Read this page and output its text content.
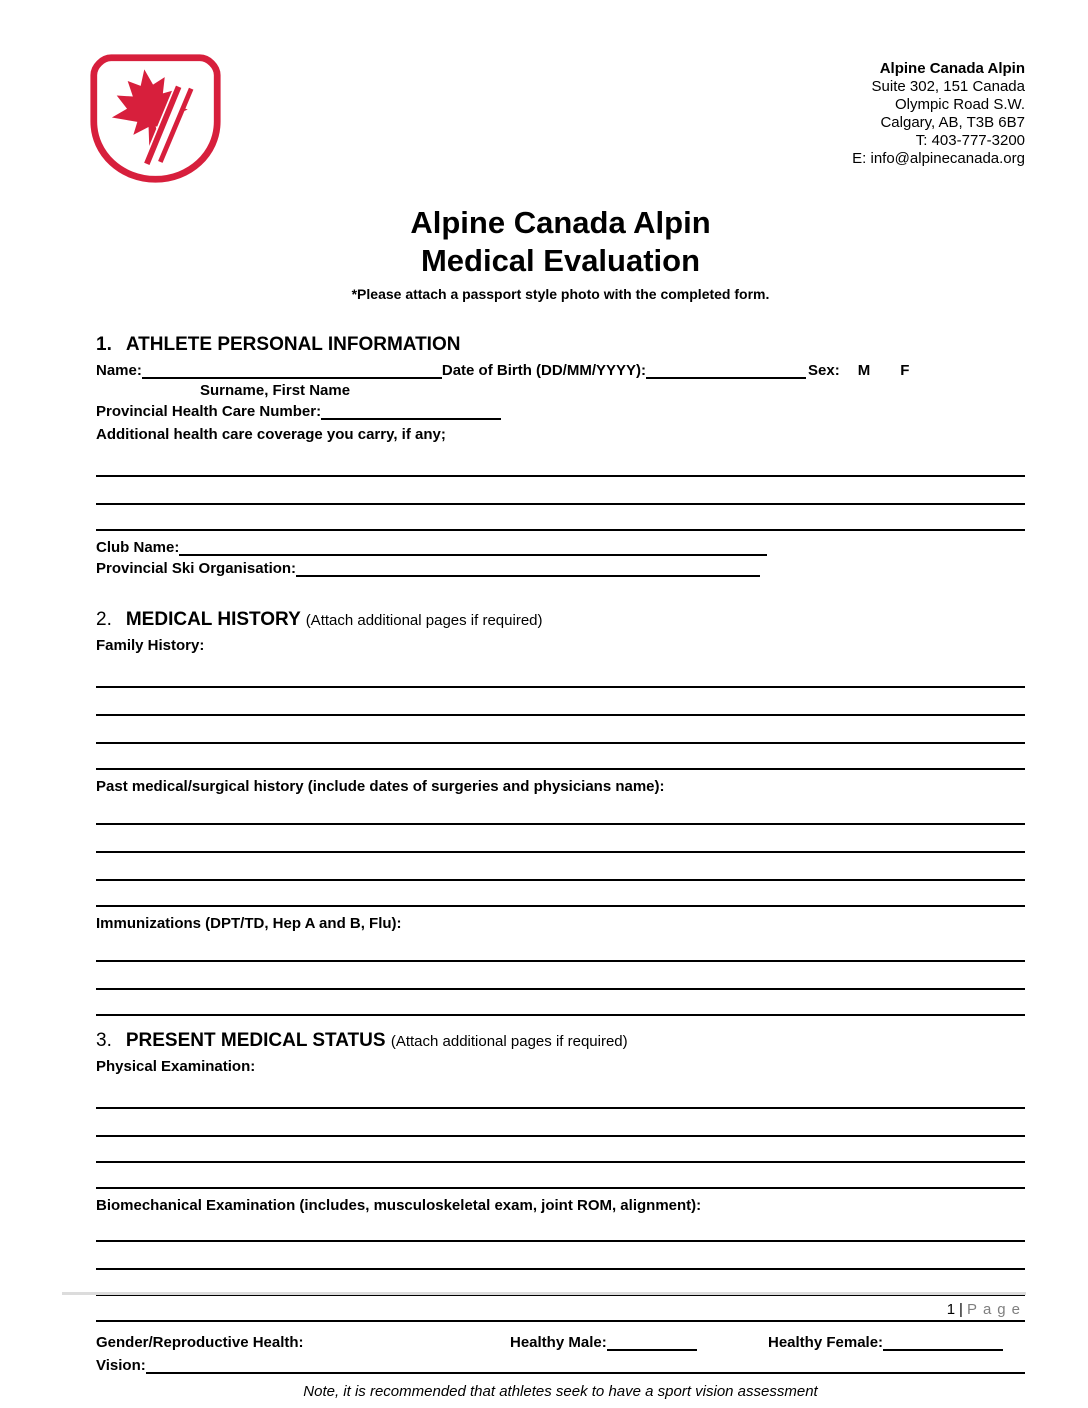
Alpine Canada Alpin
Suite 302, 151 Canada
Olympic Road S.W.
Calgary, AB, T3B 6B7
T: 403-777-3200
E: info@alpinecanada.org
Alpine Canada Alpin
Medical Evaluation
*Please attach a passport style photo with the completed form.
1. ATHLETE PERSONAL INFORMATION
Name:	Date of Birth (DD/MM/YYYY):	Sex: M F
Surname, First Name
Provincial Health Care Number:
Additional health care coverage you carry, if any;
Club Name:
Provincial Ski Organisation:
2. MEDICAL HISTORY (Attach additional pages if required)
Family History:
Past medical/surgical history (include dates of surgeries and physicians name):
Immunizations (DPT/TD, Hep A and B, Flu):
3. PRESENT MEDICAL STATUS (Attach additional pages if required)
Physical Examination:
Biomechanical Examination (includes, musculoskeletal exam, joint ROM, alignment):
Gender/Reproductive Health:	Healthy Male:	Healthy Female:
Vision:
Note, it is recommended that athletes seek to have a sport vision assessment
1 | Page
